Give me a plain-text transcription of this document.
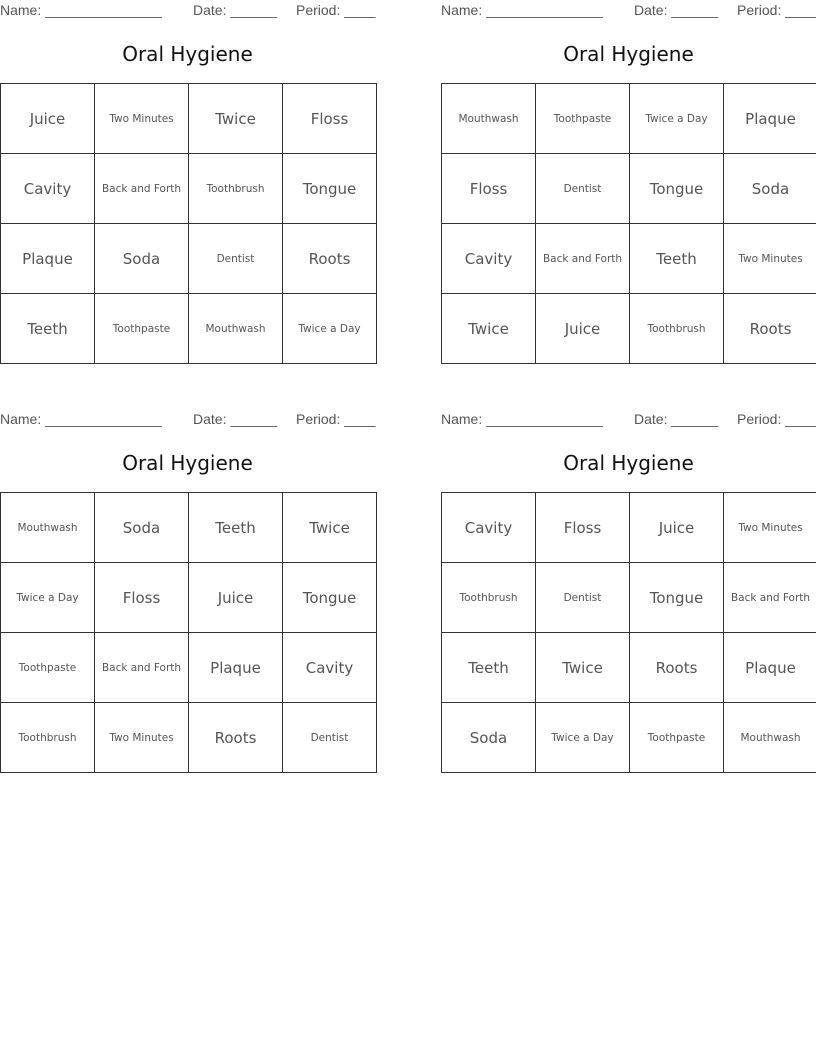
Name: _______________ Date: ______ Period: ____
Oral Hygiene
Juice	Two Minutes	Twice	Floss
Cavity	Back and Forth	Toothbrush	Tongue
Plaque	Soda	Dentist	Roots
Teeth	Toothpaste	Mouthwash	Twice a Day
Name: _______________ Date: ______ Period: ____
Oral Hygiene
Mouthwash	Toothpaste	Twice a Day	Plaque
Floss	Dentist	Tongue	Soda
Cavity	Back and Forth	Teeth	Two Minutes
Twice	Juice	Toothbrush	Roots
Name: _______________ Date: ______ Period: ____
Oral Hygiene
Mouthwash	Soda	Teeth	Twice
Twice a Day	Floss	Juice	Tongue
Toothpaste	Back and Forth	Plaque	Cavity
Toothbrush	Two Minutes	Roots	Dentist
Name: _______________ Date: ______ Period: ____
Oral Hygiene
Cavity	Floss	Juice	Two Minutes
Toothbrush	Dentist	Tongue	Back and Forth
Teeth	Twice	Roots	Plaque
Soda	Twice a Day	Toothpaste	Mouthwash
